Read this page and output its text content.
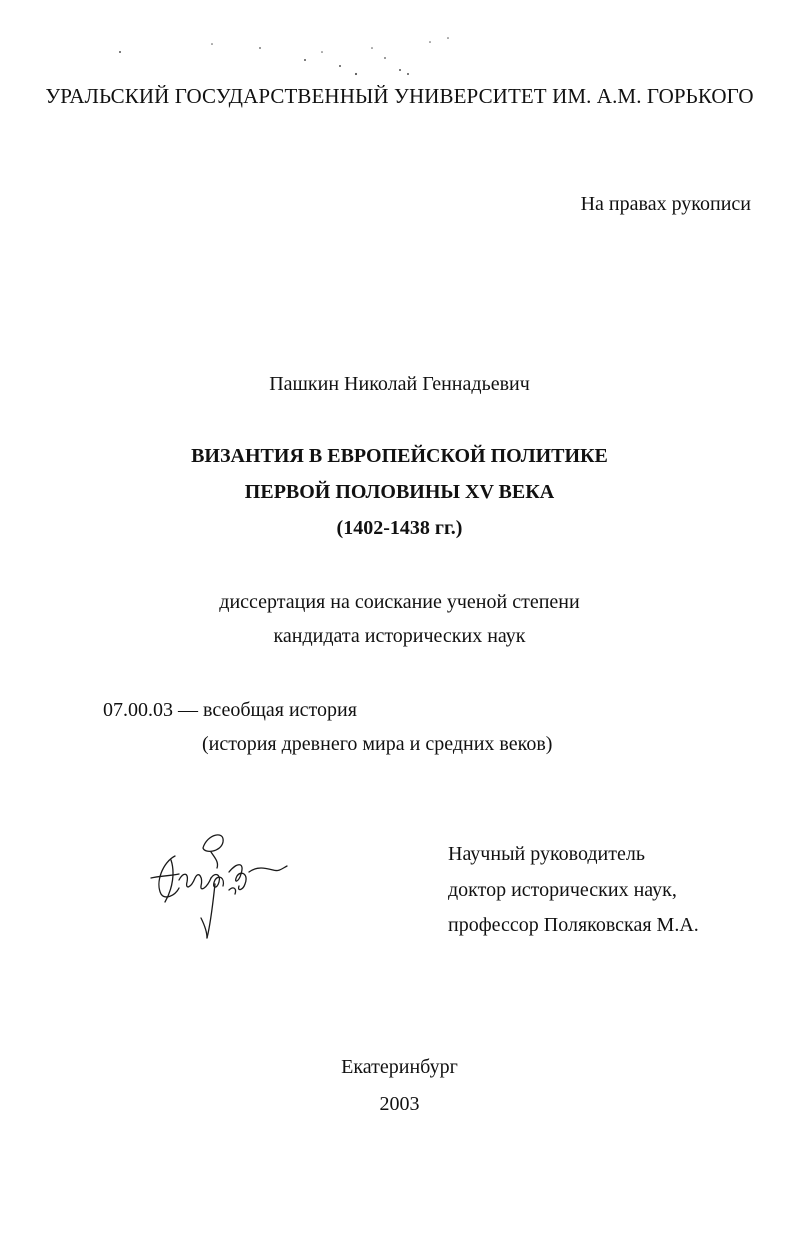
УРАЛЬСКИЙ ГОСУДАРСТВЕННЫЙ УНИВЕРСИТЕТ ИМ. А.М. ГОРЬКОГО
На правах рукописи
Пашкин Николай Геннадьевич
ВИЗАНТИЯ В ЕВРОПЕЙСКОЙ ПОЛИТИКЕ
ПЕРВОЙ ПОЛОВИНЫ XV ВЕКА
(1402-1438 гг.)
диссертация на соискание ученой степени
кандидата исторических наук
07.00.03 — всеобщая история
(история древнего мира и средних веков)
Научный руководитель
доктор исторических наук,
профессор Поляковская М.А.
Екатеринбург
2003
